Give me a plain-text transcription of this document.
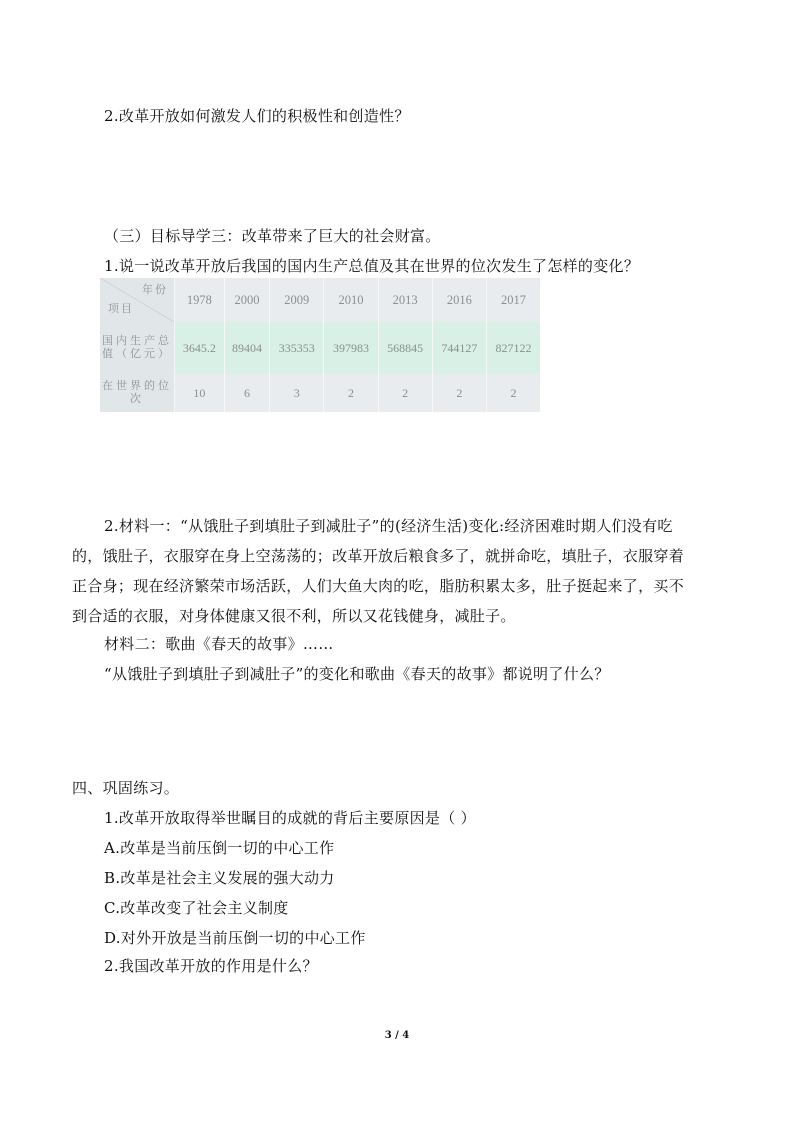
2.改革开放如何激发人们的积极性和创造性？
（三）目标导学三：改革带来了巨大的社会财富。
1.说一说改革开放后我国的国内生产总值及其在世界的位次发生了怎样的变化？
年份
项目	1978	2000	2009	2010	2013	2016	2017
国内生产总值（亿元）	3645.2	89404	335353	397983	568845	744127	827122
在世界的位次	10	6	3	2	2	2	2
2.材料一：“从饿肚子到填肚子到减肚子”的(经济生活)变化:经济困难时期人们没有吃
的，饿肚子，衣服穿在身上空荡荡的；改革开放后粮食多了，就拼命吃，填肚子，衣服穿着
正合身；现在经济繁荣市场活跃，人们大鱼大肉的吃，脂肪积累太多，肚子挺起来了，买不
到合适的衣服，对身体健康又很不利，所以又花钱健身，减肚子。
材料二：歌曲《春天的故事》……
“从饿肚子到填肚子到减肚子”的变化和歌曲《春天的故事》都说明了什么？
四、巩固练习。
1.改革开放取得举世瞩目的成就的背后主要原因是（ ）
A.改革是当前压倒一切的中心工作
B.改革是社会主义发展的强大动力
C.改革改变了社会主义制度
D.对外开放是当前压倒一切的中心工作
2.我国改革开放的作用是什么？
3 / 4
